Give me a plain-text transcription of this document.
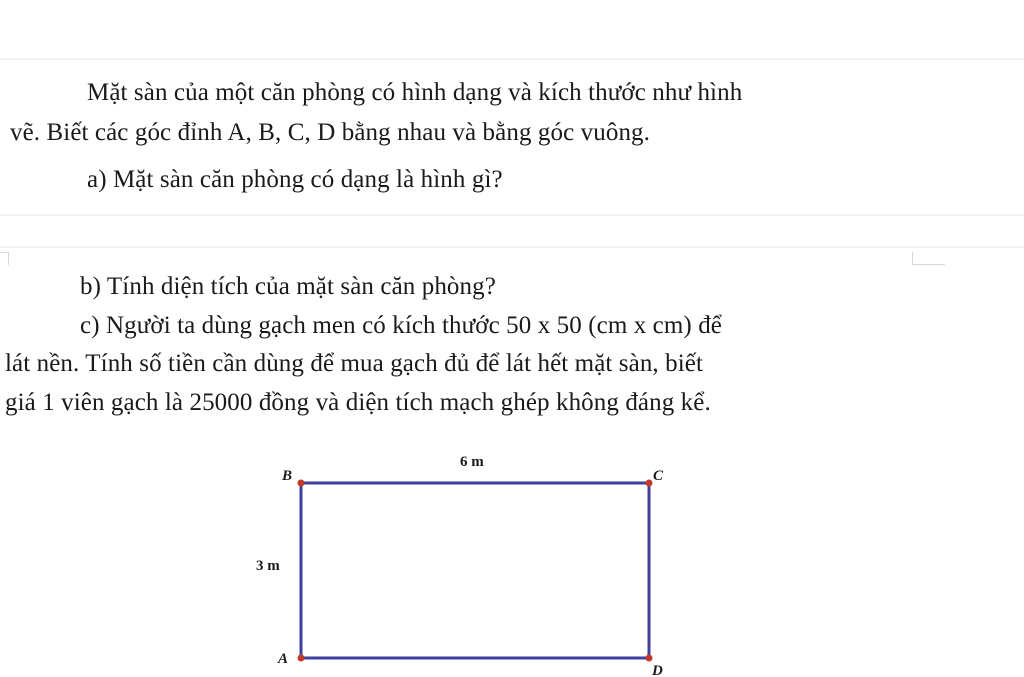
Mặt sàn của một căn phòng có hình dạng và kích thước như hình
vẽ. Biết các góc đỉnh A, B, C, D bằng nhau và bằng góc vuông.
a) Mặt sàn căn phòng có dạng là hình gì?
b) Tính diện tích của mặt sàn căn phòng?
c) Người ta dùng gạch men có kích thước 50 x 50 (cm x cm) để
lát nền. Tính số tiền cần dùng để mua gạch đủ để lát hết mặt sàn, biết
giá 1 viên gạch là 25000 đồng và diện tích mạch ghép không đáng kể.
B	C
A
D
6 m
3 m
